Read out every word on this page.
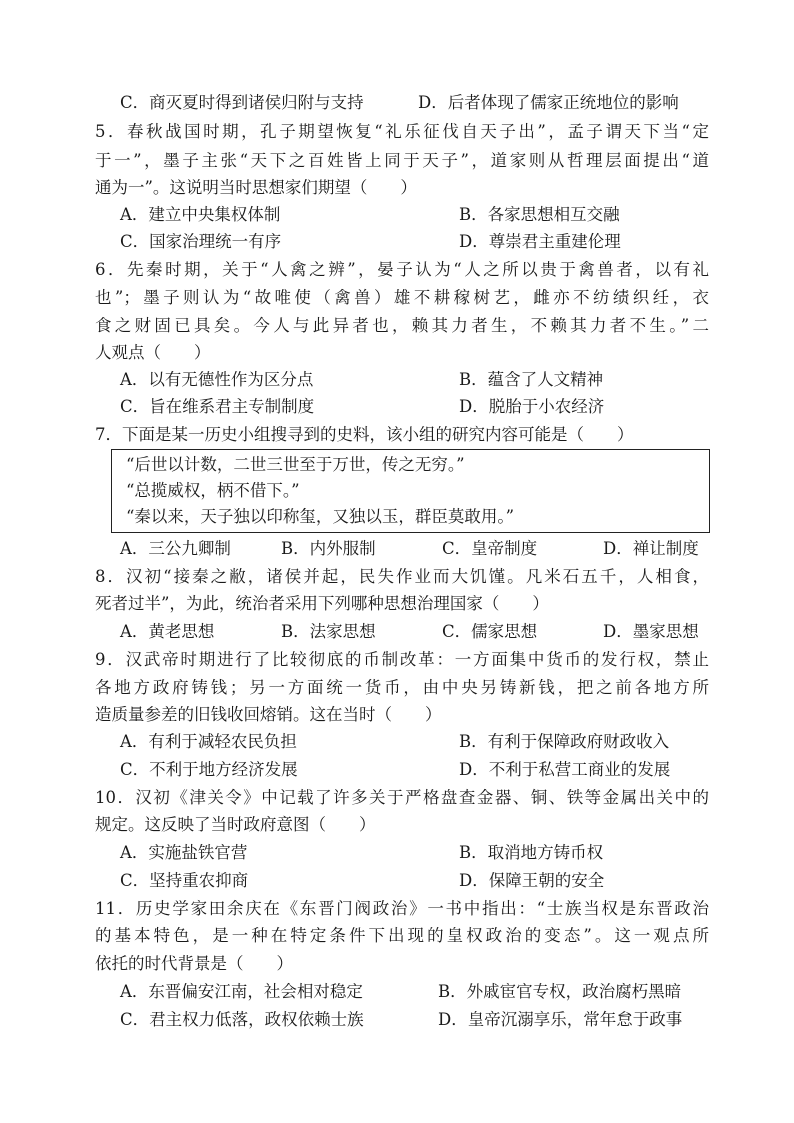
C．商灭夏时得到诸侯归附与支持	D．后者体现了儒家正统地位的影响
5．春秋战国时期，孔子期望恢复“礼乐征伐自天子出”，孟子谓天下当“定
于一”，墨子主张“天下之百姓皆上同于天子”，道家则从哲理层面提出“道
通为一”。这说明当时思想家们期望（　　）
A．建立中央集权体制	B．各家思想相互交融
C．国家治理统一有序	D．尊崇君主重建伦理
6．先秦时期，关于“人禽之辨”，晏子认为“人之所以贵于禽兽者，以有礼
也”；墨子则认为“故唯使（禽兽）雄不耕稼树艺，雌亦不纺绩织纴，衣
食之财固已具矣。今人与此异者也，赖其力者生，不赖其力者不生。”二
人观点（　　）
A．以有无德性作为区分点	B．蕴含了人文精神
C．旨在维系君主专制制度	D．脱胎于小农经济
7．下面是某一历史小组搜寻到的史料，该小组的研究内容可能是（　　）
“后世以计数，二世三世至于万世，传之无穷。”
“总揽威权，柄不借下。”
“秦以来，天子独以印称玺，又独以玉，群臣莫敢用。”
A．三公九卿制	B．内外服制	C．皇帝制度	D．禅让制度
8．汉初“接秦之敝，诸侯并起，民失作业而大饥馑。凡米石五千，人相食，
死者过半”，为此，统治者采用下列哪种思想治理国家（　　）
A．黄老思想	B．法家思想	C．儒家思想	D．墨家思想
9．汉武帝时期进行了比较彻底的币制改革：一方面集中货币的发行权，禁止
各地方政府铸钱；另一方面统一货币，由中央另铸新钱，把之前各地方所
造质量参差的旧钱收回熔销。这在当时（　　）
A．有利于减轻农民负担	B．有利于保障政府财政收入
C．不利于地方经济发展	D．不利于私营工商业的发展
10．汉初《津关令》中记载了许多关于严格盘查金器、铜、铁等金属出关中的
规定。这反映了当时政府意图（　　）
A．实施盐铁官营	B．取消地方铸币权
C．坚持重农抑商	D．保障王朝的安全
11．历史学家田余庆在《东晋门阀政治》一书中指出：“士族当权是东晋政治
的基本特色，是一种在特定条件下出现的皇权政治的变态”。这一观点所
依托的时代背景是（　　）
A．东晋偏安江南，社会相对稳定	B．外戚宦官专权，政治腐朽黑暗
C．君主权力低落，政权依赖士族	D．皇帝沉溺享乐，常年怠于政事
